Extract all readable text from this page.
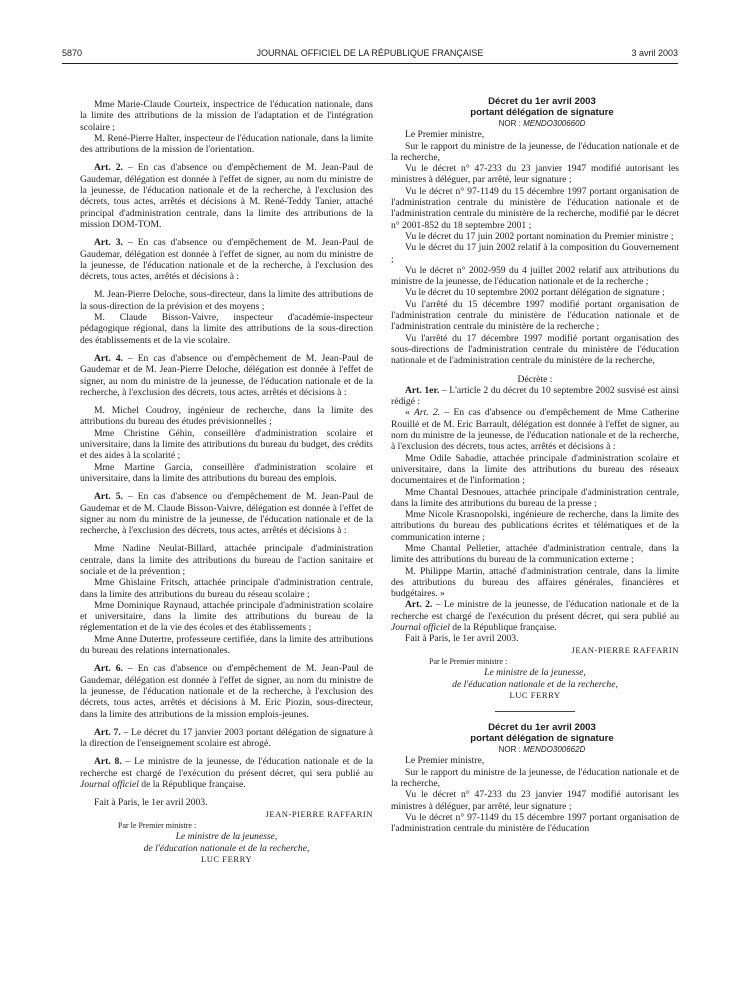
5870	JOURNAL OFFICIEL DE LA RÉPUBLIQUE FRANÇAISE	3 avril 2003

Mme Marie-Claude Courteix, inspectrice de l'éducation nationale, dans la limite des attributions de la mission de l'adaptation et de l'intégration scolaire ;

M. René-Pierre Halter, inspecteur de l'éducation nationale, dans la limite des attributions de la mission de l'orientation.

Art. 2. – En cas d'absence ou d'empêchement de M. Jean-Paul de Gaudemar, délégation est donnée à l'effet de signer, au nom du ministre de la jeunesse, de l'éducation nationale et de la recherche, à l'exclusion des décrets, tous actes, arrêtés et décisions à M. René-Teddy Tanier, attaché principal d'administration centrale, dans la limite des attributions de la mission DOM-TOM.

Art. 3. – En cas d'absence ou d'empêchement de M. Jean-Paul de Gaudemar, délégation est donnée à l'effet de signer, au nom du ministre de la jeunesse, de l'éducation nationale et de la recherche, à l'exclusion des décrets, tous actes, arrêtés et décisions à :

M. Jean-Pierre Deloche, sous-directeur, dans la limite des attributions de la sous-direction de la prévision et des moyens ;

M. Claude Bisson-Vaivre, inspecteur d'académie-inspecteur pédagogique régional, dans la limite des attributions de la sous-direction des établissements et de la vie scolaire.

Art. 4. – En cas d'absence ou d'empêchement de M. Jean-Paul de Gaudemar et de M. Jean-Pierre Deloche, délégation est donnée à l'effet de signer, au nom du ministre de la jeunesse, de l'éducation nationale et de la recherche, à l'exclusion des décrets, tous actes, arrêtés et décisions à :

M. Michel Coudroy, ingénieur de recherche, dans la limite des attributions du bureau des études prévisionnelles ;

Mme Christine Géhin, conseillère d'administration scolaire et universitaire, dans la limite des attributions du bureau du budget, des crédits et des aides à la scolarité ;

Mme Martine Garcia, conseillère d'administration scolaire et universitaire, dans la limite des attributions du bureau des emplois.

Art. 5. – En cas d'absence ou d'empêchement de M. Jean-Paul de Gaudemar et de M. Claude Bisson-Vaivre, délégation est donnée à l'effet de signer au nom du ministre de la jeunesse, de l'éducation nationale et de la recherche, à l'exclusion des décrets, tous actes, arrêtés et décisions à :

Mme Nadine Neulat-Billard, attachée principale d'administration centrale, dans la limite des attributions du bureau de l'action sanitaire et sociale et de la prévention ;

Mme Ghislaine Fritsch, attachée principale d'administration centrale, dans la limite des attributions du bureau du réseau scolaire ;

Mme Dominique Raynaud, attachée principale d'administration scolaire et universitaire, dans la limite des attributions du bureau de la réglementation et de la vie des écoles et des établissements ;

Mme Anne Dutertre, professeure certifiée, dans la limite des attributions du bureau des relations internationales.

Art. 6. – En cas d'absence ou d'empêchement de M. Jean-Paul de Gaudemar, délégation est donnée à l'effet de signer, au nom du ministre de la jeunesse, de l'éducation nationale et de la recherche, à l'exclusion des décrets, tous actes, arrêtés et décisions à M. Eric Piozin, sous-directeur, dans la limite des attributions de la mission emplois-jeunes.

Art. 7. – Le décret du 17 janvier 2003 portant délégation de signature à la direction de l'enseignement scolaire est abrogé.

Art. 8. – Le ministre de la jeunesse, de l'éducation nationale et de la recherche est chargé de l'exécution du présent décret, qui sera publié au Journal officiel de la République française.

Fait à Paris, le 1er avril 2003.

JEAN-PIERRE RAFFARIN

Par le Premier ministre :

Le ministre de la jeunesse,

de l'éducation nationale et de la recherche,

LUC FERRY

Décret du 1er avril 2003

portant délégation de signature

NOR : MENDO300660D

Le Premier ministre,

Sur le rapport du ministre de la jeunesse, de l'éducation nationale et de la recherche,

Vu le décret n° 47-233 du 23 janvier 1947 modifié autorisant les ministres à déléguer, par arrêté, leur signature ;

Vu le décret n° 97-1149 du 15 décembre 1997 portant organisation de l'administration centrale du ministère de l'éducation nationale et de l'administration centrale du ministère de la recherche, modifié par le décret n° 2001-852 du 18 septembre 2001 ;

Vu le décret du 17 juin 2002 portant nomination du Premier ministre ;

Vu le décret du 17 juin 2002 relatif à la composition du Gouvernement ;

Vu le décret n° 2002-959 du 4 juillet 2002 relatif aux attributions du ministre de la jeunesse, de l'éducation nationale et de la recherche ;

Vu le décret du 10 septembre 2002 portant délégation de signature ;

Vu l'arrêté du 15 décembre 1997 modifié portant organisation de l'administration centrale du ministère de l'éducation nationale et de l'administration centrale du ministère de la recherche ;

Vu l'arrêté du 17 décembre 1997 modifié portant organisation des sous-directions de l'administration centrale du ministère de l'éducation nationale et de l'administration centrale du ministère de la recherche,

Décrète :

Art. 1er. – L'article 2 du décret du 10 septembre 2002 susvisé est ainsi rédigé :

« Art. 2. – En cas d'absence ou d'empêchement de Mme Catherine Rouillé et de M. Eric Barrault, délégation est donnée à l'effet de signer, au nom du ministre de la jeunesse, de l'éducation nationale et de la recherche, à l'exclusion des décrets, tous actes, arrêtés et décisions à :

Mme Odile Sabadie, attachée principale d'administration scolaire et universitaire, dans la limite des attributions du bureau des réseaux documentaires et de l'information ;

Mme Chantal Desnoues, attachée principale d'administration centrale, dans la limite des attributions du bureau de la presse ;

Mme Nicole Krasnopolski, ingénieure de recherche, dans la limite des attributions du bureau des publications écrites et télématiques et de la communication interne ;

Mme Chantal Pelletier, attachée d'administration centrale, dans la limite des attributions du bureau de la communication externe ;

M. Philippe Martin, attaché d'administration centrale, dans la limite des attributions du bureau des affaires générales, financières et budgétaires. »

Art. 2. – Le ministre de la jeunesse, de l'éducation nationale et de la recherche est chargé de l'exécution du présent décret, qui sera publié au Journal officiel de la République française.

Fait à Paris, le 1er avril 2003.

JEAN-PIERRE RAFFARIN

Par le Premier ministre :

Le ministre de la jeunesse,

de l'éducation nationale et de la recherche,

LUC FERRY

Décret du 1er avril 2003

portant délégation de signature

NOR : MENDO300662D

Le Premier ministre,

Sur le rapport du ministre de la jeunesse, de l'éducation nationale et de la recherche,

Vu le décret n° 47-233 du 23 janvier 1947 modifié autorisant les ministres à déléguer, par arrêté, leur signature ;

Vu le décret n° 97-1149 du 15 décembre 1997 portant organisation de l'administration centrale du ministère de l'éducation
